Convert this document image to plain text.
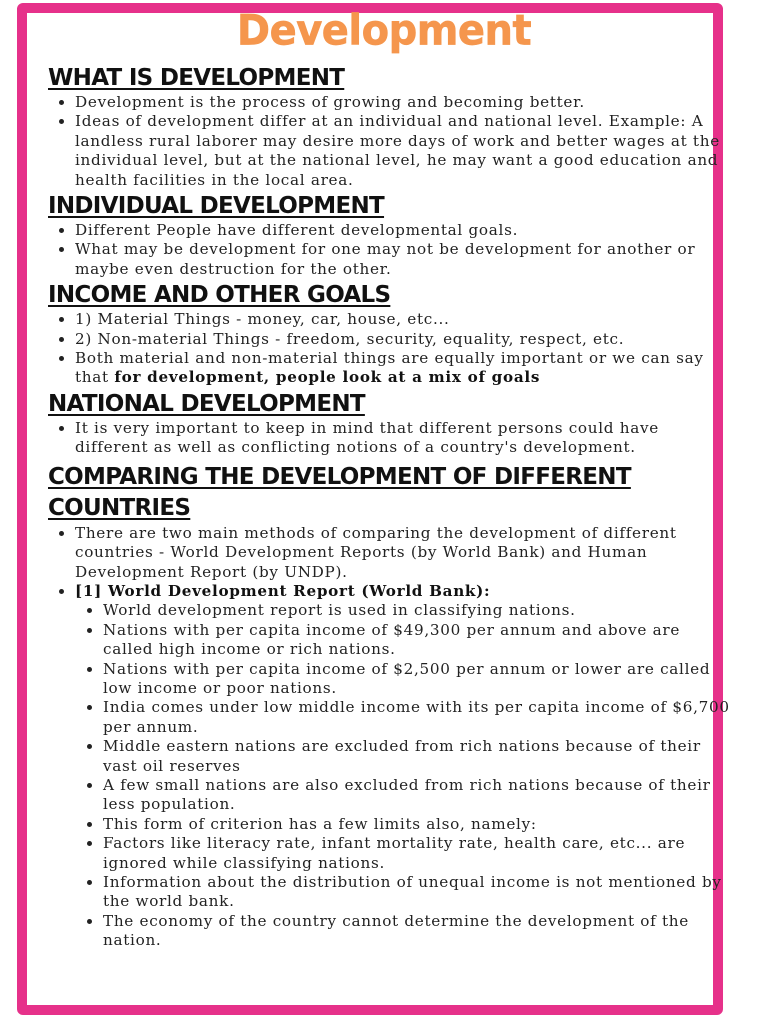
Development
WHAT IS DEVELOPMENT
• Development is the process of growing and becoming better.
• Ideas of development differ at an individual and national level. Example: A landless rural laborer may desire more days of work and better wages at the individual level, but at the national level, he may want a good education and health facilities in the local area.
INDIVIDUAL DEVELOPMENT
• Different People have different developmental goals.
• What may be development for one may not be development for another or maybe even destruction for the other.
INCOME AND OTHER GOALS
• 1) Material Things - money, car, house, etc...
• 2) Non-material Things - freedom, security, equality, respect, etc.
• Both material and non-material things are equally important or we can say that for development, people look at a mix of goals
NATIONAL DEVELOPMENT
• It is very important to keep in mind that different persons could have different as well as conflicting notions of a country's development.
COMPARING THE DEVELOPMENT OF DIFFERENT COUNTRIES
• There are two main methods of comparing the development of different countries - World Development Reports (by World Bank) and Human Development Report (by UNDP).
• [1] World Development Report (World Bank):
• World development report is used in classifying nations.
• Nations with per capita income of $49,300 per annum and above are called high income or rich nations.
• Nations with per capita income of $2,500 per annum or lower are called low income or poor nations.
• India comes under low middle income with its per capita income of $6,700 per annum.
• Middle eastern nations are excluded from rich nations because of their vast oil reserves
• A few small nations are also excluded from rich nations because of their less population.
• This form of criterion has a few limits also, namely:
• Factors like literacy rate, infant mortality rate, health care, etc... are ignored while classifying nations.
• Information about the distribution of unequal income is not mentioned by the world bank.
• The economy of the country cannot determine the development of the nation.
